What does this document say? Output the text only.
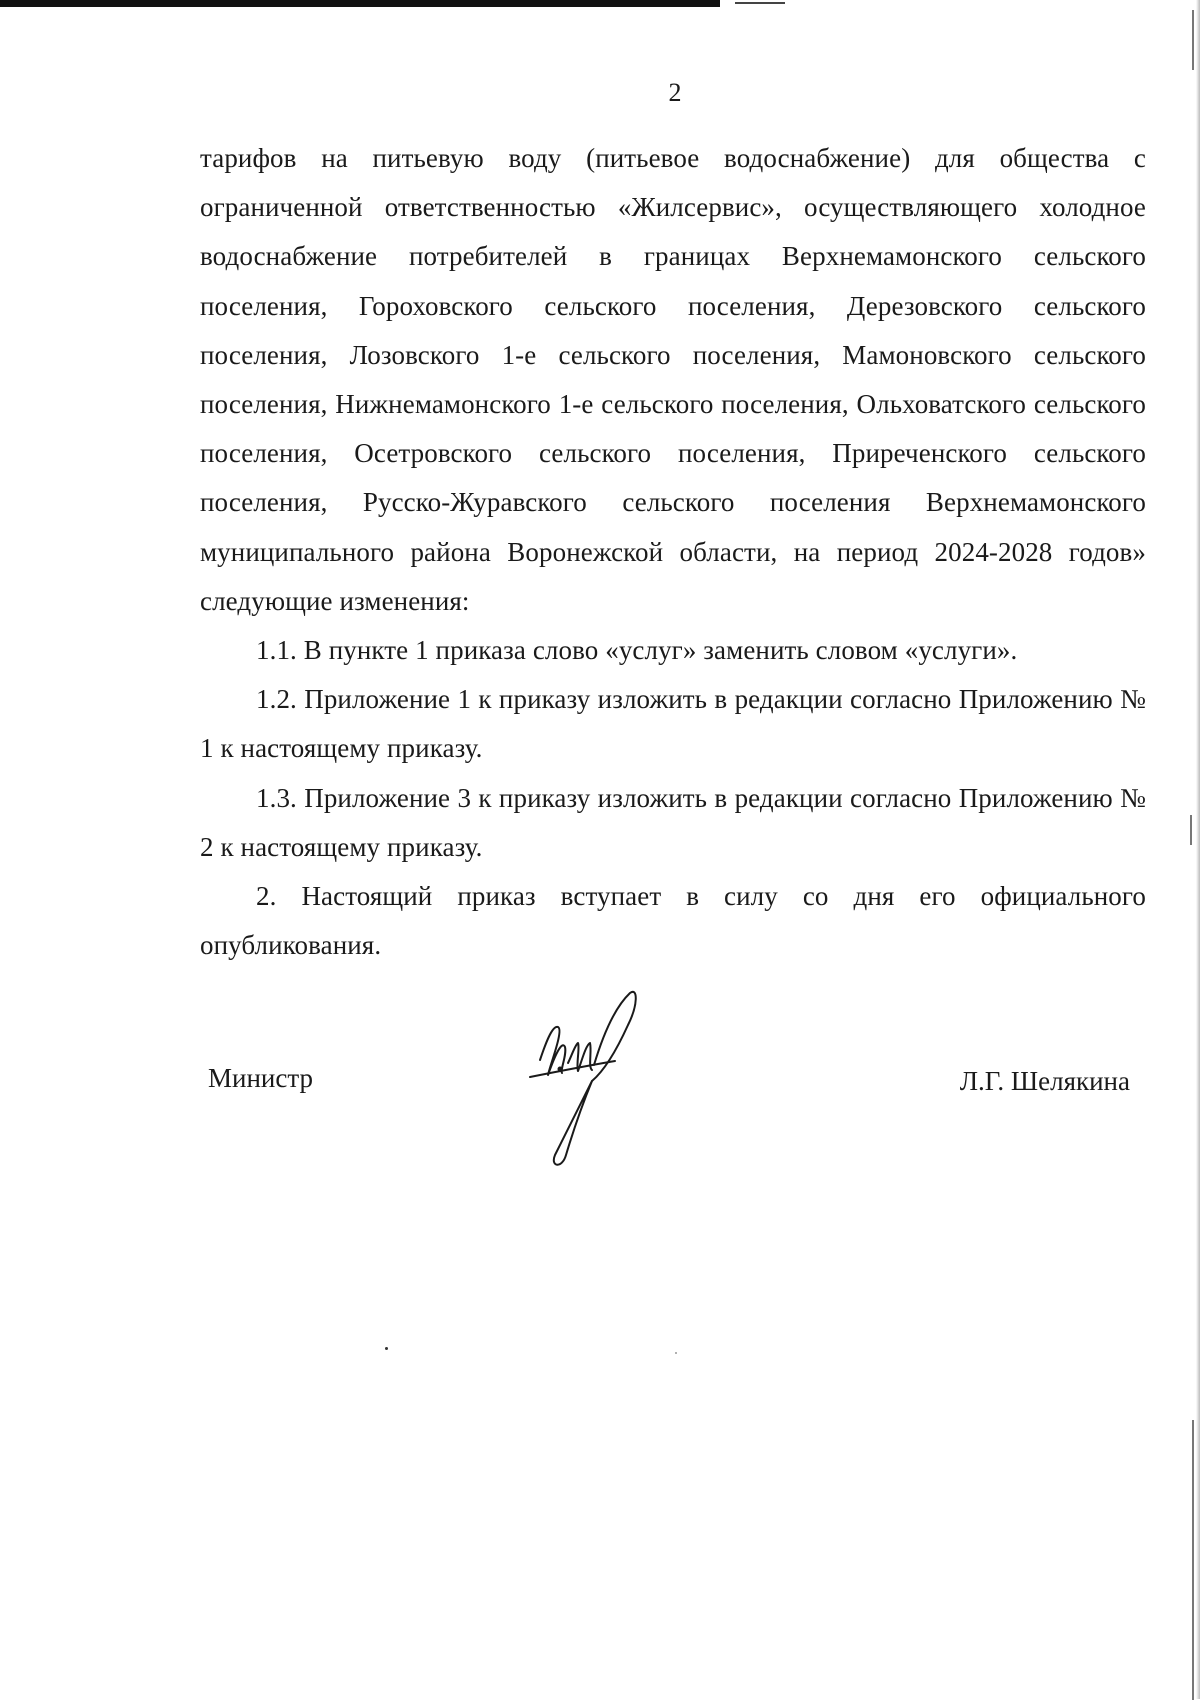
2

тарифов на питьевую воду (питьевое водоснабжение) для общества с ограниченной ответственностью «Жилсервис», осуществляющего холодное водоснабжение потребителей в границах Верхнемамонского сельского поселения, Гороховского сельского поселения, Дерезовского сельского поселения, Лозовского 1-е сельского поселения, Мамоновского сельского поселения, Нижнемамонского 1-е сельского поселения, Ольховатского сельского поселения, Осетровского сельского поселения, Приреченского сельского поселения, Русско-Журавского сельского поселения Верхнемамонского муниципального района Воронежской области, на период 2024-2028 годов» следующие изменения:

1.1. В пункте 1 приказа слово «услуг» заменить словом «услуги».

1.2. Приложение 1 к приказу изложить в редакции согласно Приложению № 1 к настоящему приказу.

1.3. Приложение 3 к приказу изложить в редакции согласно Приложению № 2 к настоящему приказу.

2. Настоящий приказ вступает в силу со дня его официального опубликования.

Министр	Л.Г. Шелякина
